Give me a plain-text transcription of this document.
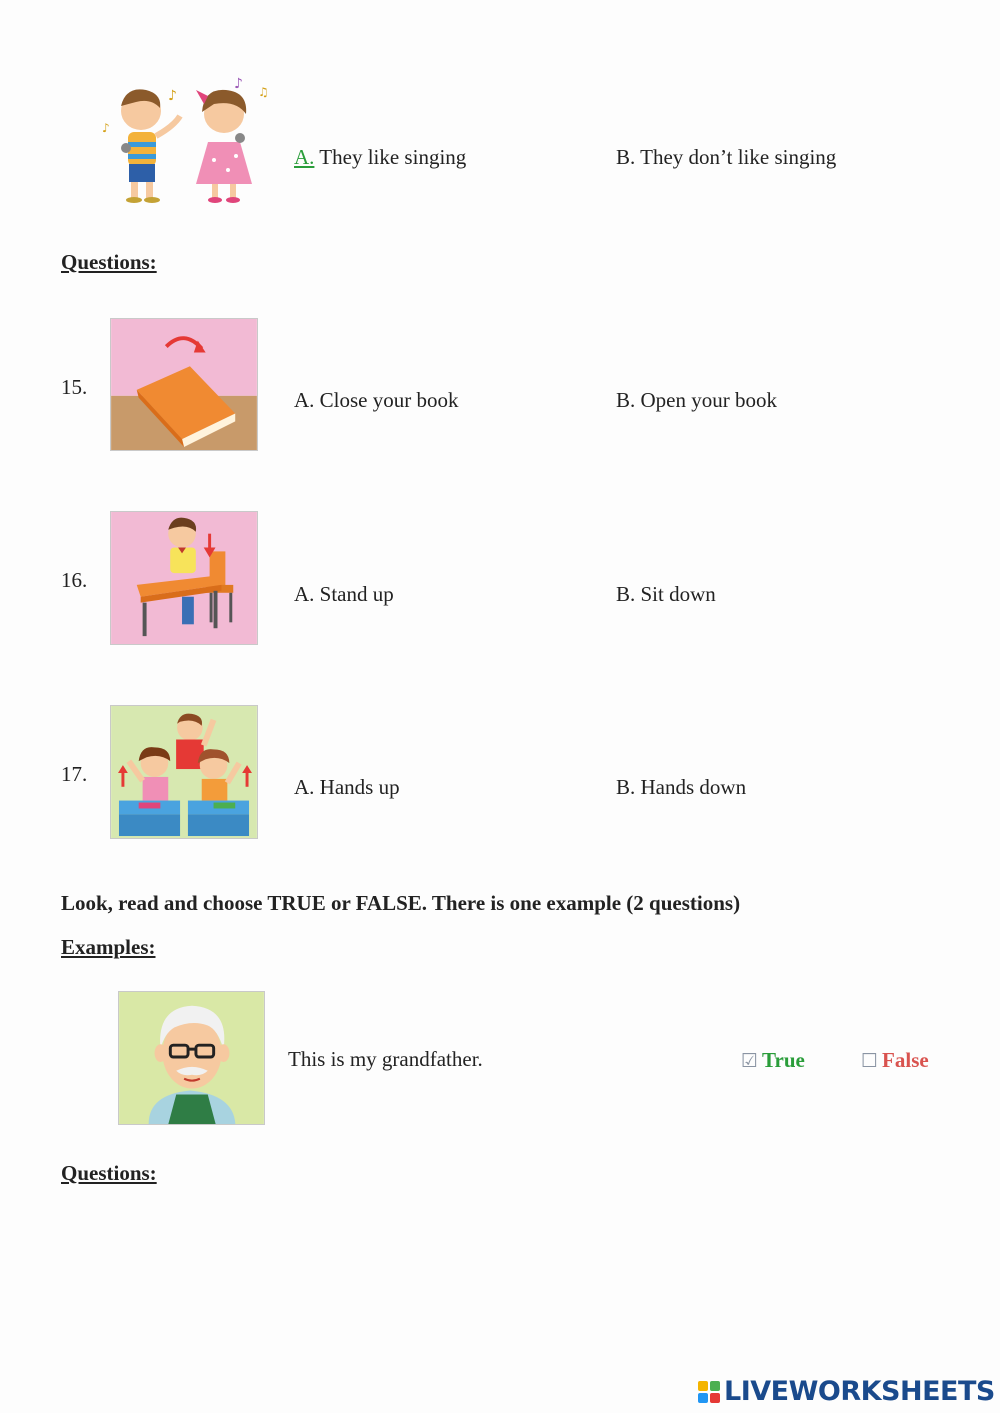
♪
♪
♪ ♫
A. They like singing	B. They don’t like singing
Questions:
15.
A. Close your book	B. Open your book
16.
A. Stand up	B. Sit down
17.
A. Hands up	B. Hands down
Look, read and choose TRUE or FALSE. There is one example (2 questions)
Examples:
This is my grandfather.	☑ True	☐ False
Questions:
LIVEWORKSHEETS
